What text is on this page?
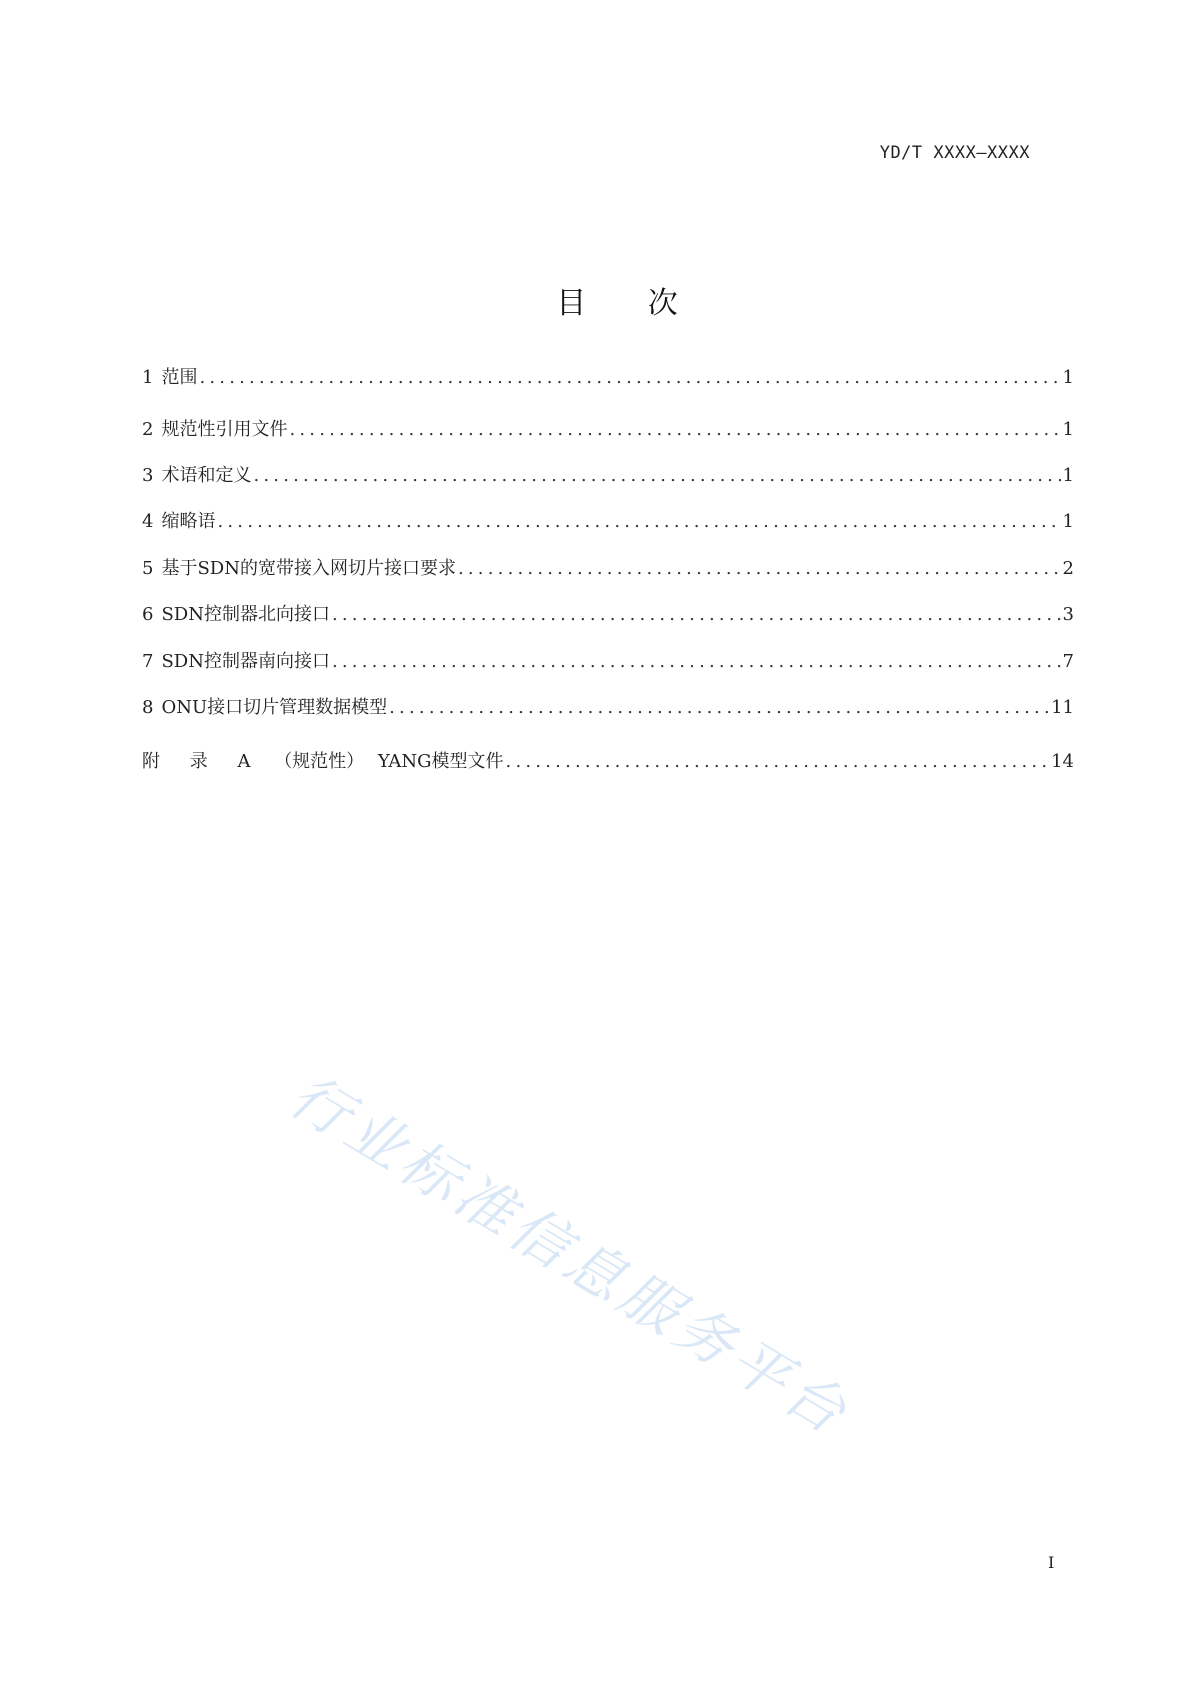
YD/T XXXX—XXXX
目 次
1 范围 .....	1
2 规范性引用文件 .....	1
3 术语和定义 .....	1
4 缩略语 .....	1
5 基于SDN的宽带接入网切片接口要求 .....	2
6 SDN控制器北向接口 .....	3
7 SDN控制器南向接口 .....	7
8 ONU接口切片管理数据模型 .....	11
附 录 A （规范性） YANG模型文件 .....	14
行业标准信息服务平台
I
